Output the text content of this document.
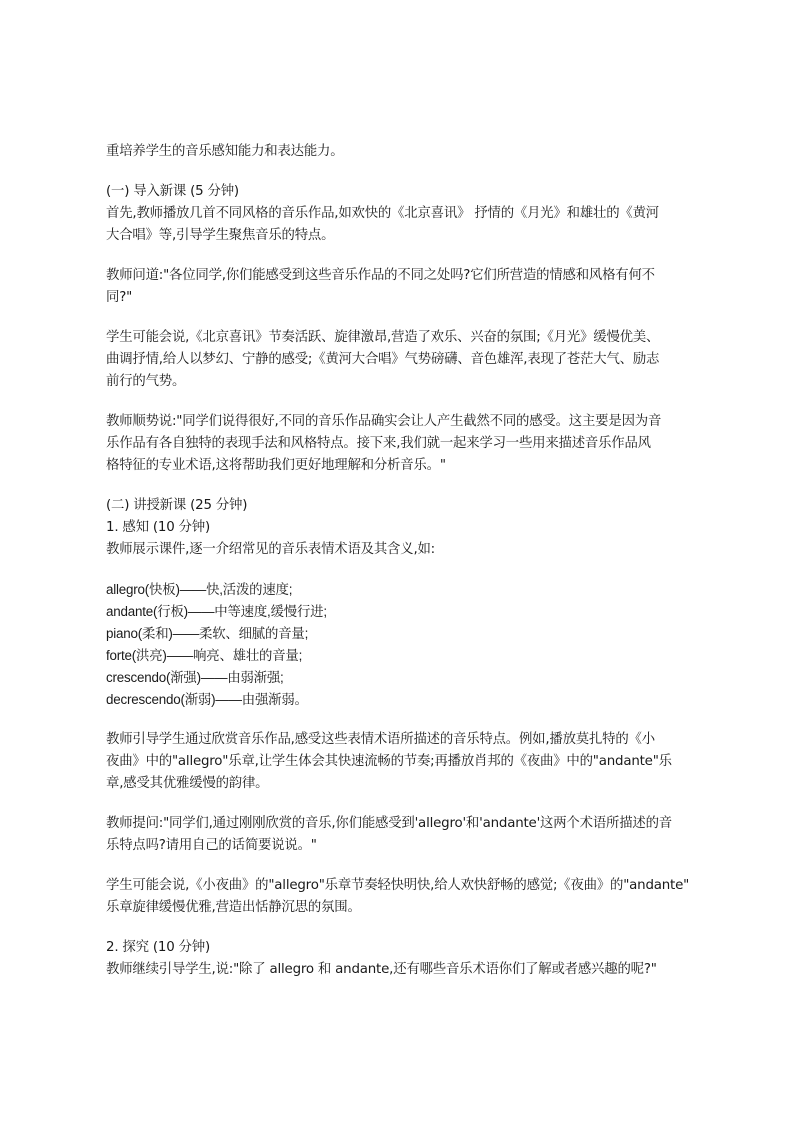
重培养学生的音乐感知能力和表达能力。
(一) 导入新课 (5 分钟)
首先,教师播放几首不同风格的音乐作品,如欢快的《北京喜讯》 抒情的《月光》和雄壮的《黄河
大合唱》等,引导学生聚焦音乐的特点。
教师问道:"各位同学,你们能感受到这些音乐作品的不同之处吗?它们所营造的情感和风格有何不
同?"
学生可能会说,《北京喜讯》节奏活跃、旋律激昂,营造了欢乐、兴奋的氛围;《月光》缓慢优美、
曲调抒情,给人以梦幻、宁静的感受;《黄河大合唱》气势磅礴、音色雄浑,表现了苍茫大气、励志
前行的气势。
教师顺势说:"同学们说得很好,不同的音乐作品确实会让人产生截然不同的感受。这主要是因为音
乐作品有各自独特的表现手法和风格特点。接下来,我们就一起来学习一些用来描述音乐作品风
格特征的专业术语,这将帮助我们更好地理解和分析音乐。"
(二) 讲授新课 (25 分钟)
1. 感知 (10 分钟)
教师展示课件,逐一介绍常见的音乐表情术语及其含义,如:
allegro(快板)——快,活泼的速度;
andante(行板)——中等速度,缓慢行进;
piano(柔和)——柔软、细腻的音量;
forte(洪亮)——响亮、雄壮的音量;
crescendo(渐强)——由弱渐强;
decrescendo(渐弱)——由强渐弱。
教师引导学生通过欣赏音乐作品,感受这些表情术语所描述的音乐特点。例如,播放莫扎特的《小
夜曲》中的"allegro"乐章,让学生体会其快速流畅的节奏;再播放肖邦的《夜曲》中的"andante"乐
章,感受其优雅缓慢的韵律。
教师提问:"同学们,通过刚刚欣赏的音乐,你们能感受到'allegro'和'andante'这两个术语所描述的音
乐特点吗?请用自己的话简要说说。"
学生可能会说,《小夜曲》的"allegro"乐章节奏轻快明快,给人欢快舒畅的感觉;《夜曲》的"andante"
乐章旋律缓慢优雅,营造出恬静沉思的氛围。
2. 探究 (10 分钟)
教师继续引导学生,说:"除了 allegro 和 andante,还有哪些音乐术语你们了解或者感兴趣的呢?"
